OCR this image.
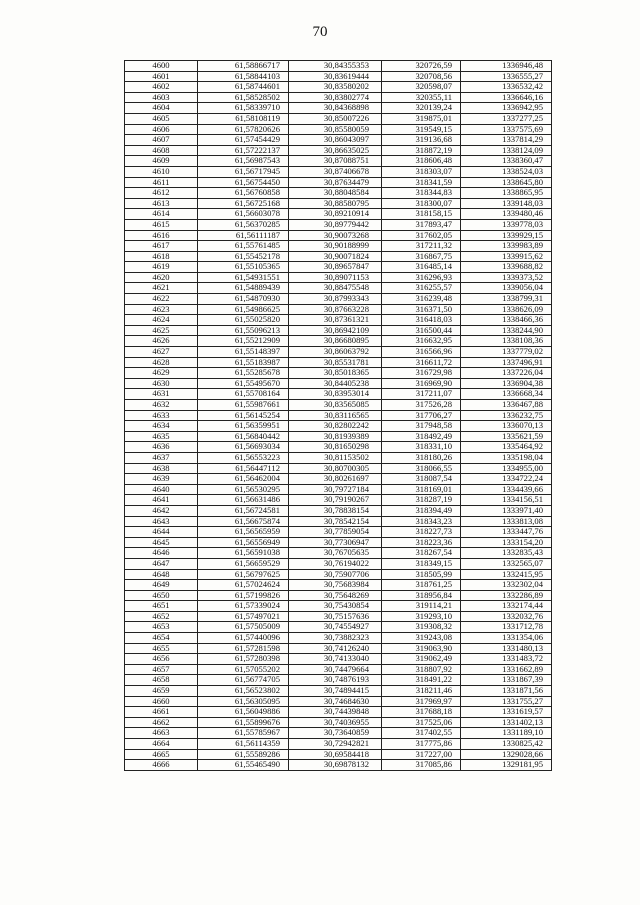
70
4600	61,58866717	30,84355353	320726,59	1336946,48
4601	61,58844103	30,83619444	320708,56	1336555,27
4602	61,58744601	30,83580202	320598,07	1336532,42
4603	61,58528502	30,83802774	320355,11	1336646,16
4604	61,58339710	30,84368898	320139,24	1336942,95
4605	61,58108119	30,85007226	319875,01	1337277,25
4606	61,57820626	30,85580059	319549,15	1337575,69
4607	61,57454429	30,86043097	319136,68	1337814,29
4608	61,57222137	30,86635025	318872,19	1338124,09
4609	61,56987543	30,87088751	318606,48	1338360,47
4610	61,56717945	30,87406678	318303,07	1338524,03
4611	61,56754450	30,87634479	318341,59	1338645,80
4612	61,56760858	30,88048584	318344,83	1338865,95
4613	61,56725168	30,88580795	318300,07	1339148,03
4614	61,56603078	30,89210914	318158,15	1339480,46
4615	61,56370285	30,89779442	317893,47	1339778,03
4616	61,56111187	30,90073268	317602,05	1339929,15
4617	61,55761485	30,90188999	317211,32	1339983,89
4618	61,55452178	30,90071824	316867,75	1339915,62
4619	61,55105365	30,89657847	316485,14	1339688,82
4620	61,54931551	30,89071153	316296,93	1339373,52
4621	61,54889439	30,88475548	316255,57	1339056,04
4622	61,54870930	30,87993343	316239,48	1338799,31
4623	61,54986625	30,87663228	316371,50	1338626,09
4624	61,55025820	30,87361321	316418,03	1338466,36
4625	61,55096213	30,86942109	316500,44	1338244,90
4626	61,55212909	30,86680895	316632,95	1338108,36
4627	61,55148397	30,86063792	316566,96	1337779,02
4628	61,55183987	30,85531781	316611,72	1337496,91
4629	61,55285678	30,85018365	316729,98	1337226,04
4630	61,55495670	30,84405238	316969,90	1336904,38
4631	61,55708164	30,83953014	317211,07	1336668,34
4632	61,55987661	30,83565085	317526,28	1336467,88
4633	61,56145254	30,83116565	317706,27	1336232,75
4634	61,56359951	30,82802242	317948,58	1336070,13
4635	61,56840442	30,81939389	318492,49	1335621,59
4636	61,56693034	30,81650298	318331,10	1335464,92
4637	61,56553223	30,81153502	318180,26	1335198,04
4638	61,56447112	30,80700305	318066,55	1334955,00
4639	61,56462004	30,80261697	318087,54	1334722,24
4640	61,56530295	30,79727184	318169,01	1334439,66
4641	61,56631486	30,79190267	318287,19	1334156,51
4642	61,56724581	30,78838154	318394,49	1333971,40
4643	61,56675874	30,78542154	318343,23	1333813,08
4644	61,56565959	30,77859054	318227,73	1333447,76
4645	61,56556949	30,77306947	318223,36	1333154,20
4646	61,56591038	30,76705635	318267,54	1332835,43
4647	61,56659529	30,76194022	318349,15	1332565,07
4648	61,56797625	30,75907706	318505,99	1332415,95
4649	61,57024624	30,75683984	318761,25	1332302,04
4650	61,57199826	30,75648269	318956,84	1332286,89
4651	61,57339024	30,75430854	319114,21	1332174,44
4652	61,57497021	30,75157636	319293,10	1332032,76
4653	61,57505009	30,74554927	319308,32	1331712,78
4654	61,57440096	30,73882323	319243,08	1331354,06
4655	61,57281598	30,74126240	319063,90	1331480,13
4656	61,57280398	30,74133040	319062,49	1331483,72
4657	61,57055202	30,74479664	318807,92	1331662,89
4658	61,56774705	30,74876193	318491,22	1331867,39
4659	61,56523802	30,74894415	318211,46	1331871,56
4660	61,56305095	30,74684630	317969,97	1331755,27
4661	61,56049886	30,74439848	317688,18	1331619,57
4662	61,55899676	30,74036955	317525,06	1331402,13
4663	61,55785967	30,73640859	317402,55	1331189,10
4664	61,56114359	30,72942821	317775,86	1330825,42
4665	61,55589286	30,69584418	317227,00	1329028,66
4666	61,55465490	30,69878132	317085,86	1329181,95
